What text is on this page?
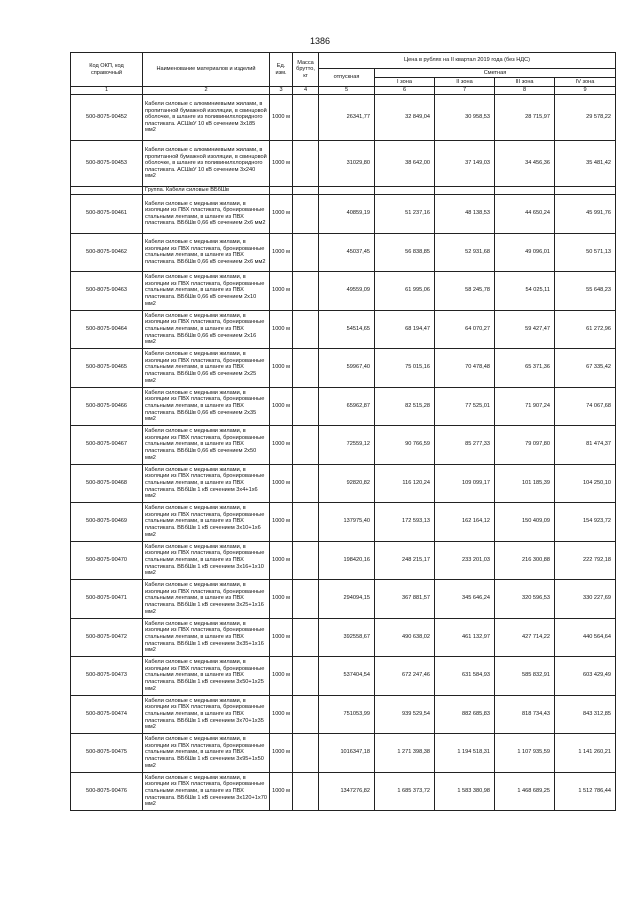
1386
Код ОКП, код справочный	Наименование материалов и изделий	Ед. изм.	Масса брутто, кг	Цена в рублях на II квартал 2019 года (без НДС)				
				отпускная	Сметная			
					I зона	II зона	III зона	IV зона
1	2	3	4	5	6	7	8	9
500-8075-90452	Кабели силовые с алюминиевыми жилами, в пропитанной бумажной изоляции, в свинцовой оболочке, в шланге из поливинилхлоридного пластиката. АСШвУ 10 кВ сечением 3х185 мм2	1000 м		26341,77	32 849,04	30 958,53	28 715,97	29 578,22
500-8075-90453	Кабели силовые с алюминиевыми жилами, в пропитанной бумажной изоляции, в свинцовой оболочке, в шланге из поливинилхлоридного пластиката. АСШвУ 10 кВ сечением 3х240 мм2	1000 м		31029,80	38 642,00	37 149,03	34 456,36	35 481,42
	Группа. Кабели силовые ВБбШв							
500-8075-90461	Кабели силовые с медными жилами, в изоляции из ПВХ пластиката, бронированные стальными лентами, в шланге из ПВХ пластиката. ВБбШв 0,66 кВ сечением 2х6 мм2	1000 м		40859,19	51 237,16	48 138,53	44 650,24	45 991,76
500-8075-90462	Кабели силовые с медными жилами, в изоляции из ПВХ пластиката, бронированные стальными лентами, в шланге из ПВХ пластиката. ВБбШв 0,66 кВ сечением 2х6 мм2	1000 м		45037,45	56 838,85	52 931,68	49 096,01	50 571,13
500-8075-90463	Кабели силовые с медными жилами, в изоляции из ПВХ пластиката, бронированные стальными лентами, в шланге из ПВХ пластиката. ВБбШв 0,66 кВ сечением 2х10 мм2	1000 м		49559,09	61 995,06	58 245,78	54 025,11	55 648,23
500-8075-90464	Кабели силовые с медными жилами, в изоляции из ПВХ пластиката, бронированные стальными лентами, в шланге из ПВХ пластиката. ВБбШв 0,66 кВ сечением 2х16 мм2	1000 м		54514,65	68 194,47	64 070,27	59 427,47	61 272,96
500-8075-90465	Кабели силовые с медными жилами, в изоляции из ПВХ пластиката, бронированные стальными лентами, в шланге из ПВХ пластиката. ВБбШв 0,66 кВ сечением 2х25 мм2	1000 м		59967,40	75 015,16	70 478,48	65 371,36	67 335,42
500-8075-90466	Кабели силовые с медными жилами, в изоляции из ПВХ пластиката, бронированные стальными лентами, в шланге из ПВХ пластиката. ВБбШв 0,66 кВ сечением 2х35 мм2	1000 м		65962,87	82 515,28	77 525,01	71 907,24	74 067,68
500-8075-90467	Кабели силовые с медными жилами, в изоляции из ПВХ пластиката, бронированные стальными лентами, в шланге из ПВХ пластиката. ВБбШв 0,66 кВ сечением 2х50 мм2	1000 м		72559,12	90 766,59	85 277,33	79 097,80	81 474,37
500-8075-90468	Кабели силовые с медными жилами, в изоляции из ПВХ пластиката, бронированные стальными лентами, в шланге из ПВХ пластиката. ВБбШв 1 кВ сечением 3х4+1х6 мм2	1000 м		92820,82	116 120,24	109 099,17	101 185,39	104 250,10
500-8075-90469	Кабели силовые с медными жилами, в изоляции из ПВХ пластиката, бронированные стальными лентами, в шланге из ПВХ пластиката. ВБбШв 1 кВ сечением 3х10+1х6 мм2	1000 м		137975,40	172 593,13	162 164,12	150 409,09	154 923,72
500-8075-90470	Кабели силовые с медными жилами, в изоляции из ПВХ пластиката, бронированные стальными лентами, в шланге из ПВХ пластиката. ВБбШв 1 кВ сечением 3х16+1х10 мм2	1000 м		198420,16	248 215,17	233 201,03	216 300,88	222 792,18
500-8075-90471	Кабели силовые с медными жилами, в изоляции из ПВХ пластиката, бронированные стальными лентами, в шланге из ПВХ пластиката. ВБбШв 1 кВ сечением 3х25+1х16 мм2	1000 м		294094,15	367 881,57	345 646,24	320 596,53	330 227,69
500-8075-90472	Кабели силовые с медными жилами, в изоляции из ПВХ пластиката, бронированные стальными лентами, в шланге из ПВХ пластиката. ВБбШв 1 кВ сечением 3х35+1х16 мм2	1000 м		392558,67	490 638,02	461 132,97	427 714,22	440 564,64
500-8075-90473	Кабели силовые с медными жилами, в изоляции из ПВХ пластиката, бронированные стальными лентами, в шланге из ПВХ пластиката. ВБбШв 1 кВ сечением 3х50+1х25 мм2	1000 м		537404,54	672 247,46	631 584,93	585 832,91	603 429,49
500-8075-90474	Кабели силовые с медными жилами, в изоляции из ПВХ пластиката, бронированные стальными лентами, в шланге из ПВХ пластиката. ВБбШв 1 кВ сечением 3х70+1х35 мм2	1000 м		751053,99	939 529,54	882 685,83	818 734,43	843 312,85
500-8075-90475	Кабели силовые с медными жилами, в изоляции из ПВХ пластиката, бронированные стальными лентами, в шланге из ПВХ пластиката. ВБбШв 1 кВ сечением 3х95+1х50 мм2	1000 м		1016347,18	1 271 398,38	1 194 518,31	1 107 935,59	1 141 260,21
500-8075-90476	Кабели силовые с медными жилами, в изоляции из ПВХ пластиката, бронированные стальными лентами, в шланге из ПВХ пластиката. ВБбШв 1 кВ сечением 3х120+1х70 мм2	1000 м		1347276,82	1 685 373,72	1 583 380,98	1 468 689,25	1 512 786,44
